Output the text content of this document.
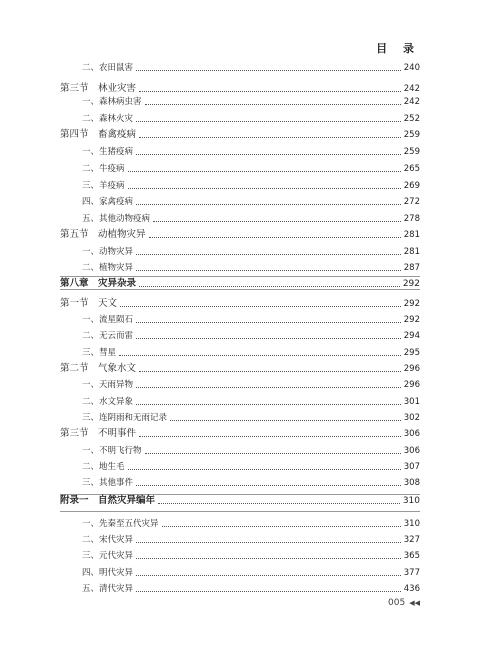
目 录
二、农田鼠害	240
第三节　林业灾害	242
一、森林病虫害	242
二、森林火灾	252
第四节　畜禽疫病	259
一、生猪疫病	259
二、牛疫病	265
三、羊疫病	269
四、家禽疫病	272
五、其他动物疫病	278
第五节　动植物灾异	281
一、动物灾异	281
二、植物灾异	287
第八章　灾异杂录	292
第一节　天文	292
一、流星陨石	292
二、无云而雷	294
三、彗星	295
第二节　气象水文	296
一、天雨异物	296
二、水文异象	301
三、连阴雨和无雨记录	302
第三节　不明事件	306
一、不明飞行物	306
二、地生毛	307
三、其他事件	308
附录一　自然灾异编年	310
一、先秦至五代灾异	310
二、宋代灾异	327
三、元代灾异	365
四、明代灾异	377
五、清代灾异	436
005 ◀◀
